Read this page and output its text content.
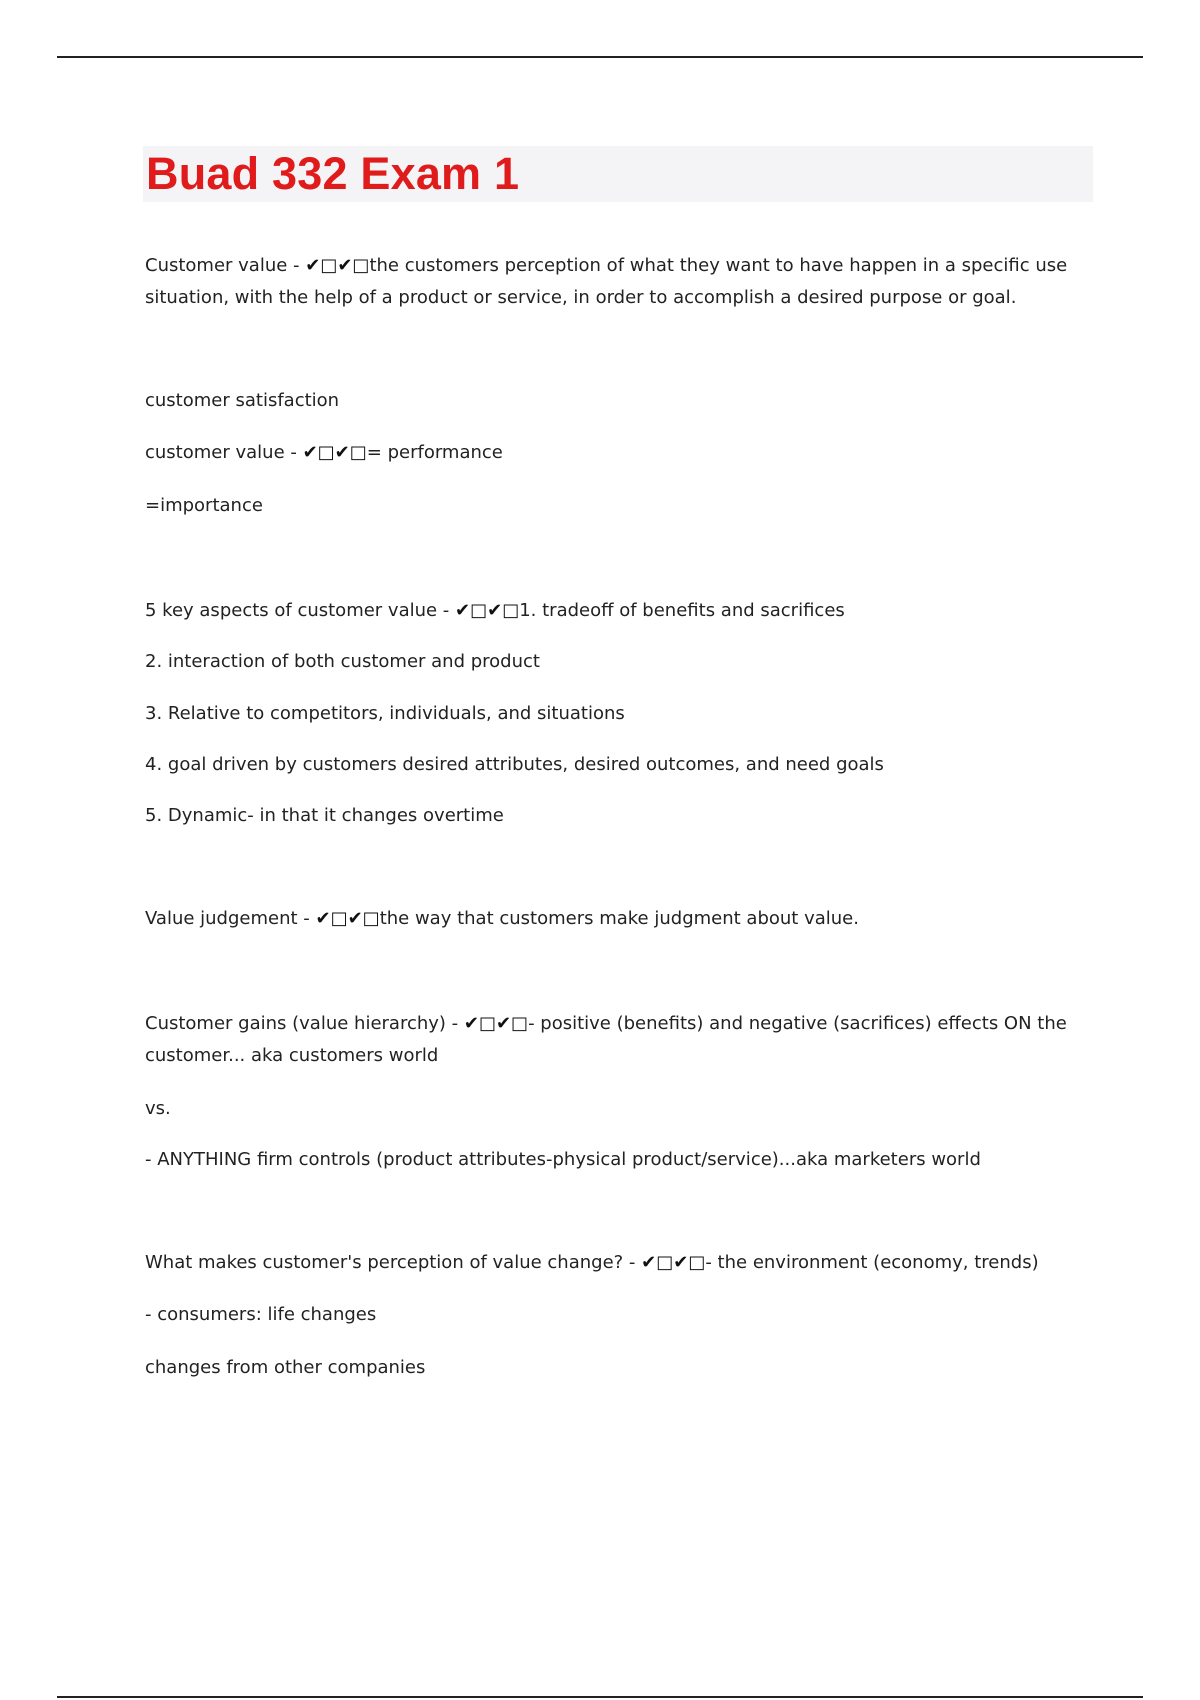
Buad 332 Exam 1
Customer value - ✔□✔□the customers perception of what they want to have happen in a specific use situation, with the help of a product or service, in order to accomplish a desired purpose or goal.
customer satisfaction
customer value - ✔□✔□= performance
=importance
5 key aspects of customer value - ✔□✔□1. tradeoff of benefits and sacrifices
2. interaction of both customer and product
3. Relative to competitors, individuals, and situations
4. goal driven by customers desired attributes, desired outcomes, and need goals
5. Dynamic- in that it changes overtime
Value judgement - ✔□✔□the way that customers make judgment about value.
Customer gains (value hierarchy) - ✔□✔□- positive (benefits) and negative (sacrifices) effects ON the customer... aka customers world
vs.
- ANYTHING firm controls (product attributes-physical product/service)...aka marketers world
What makes customer's perception of value change? - ✔□✔□- the environment (economy, trends)
- consumers: life changes
changes from other companies
